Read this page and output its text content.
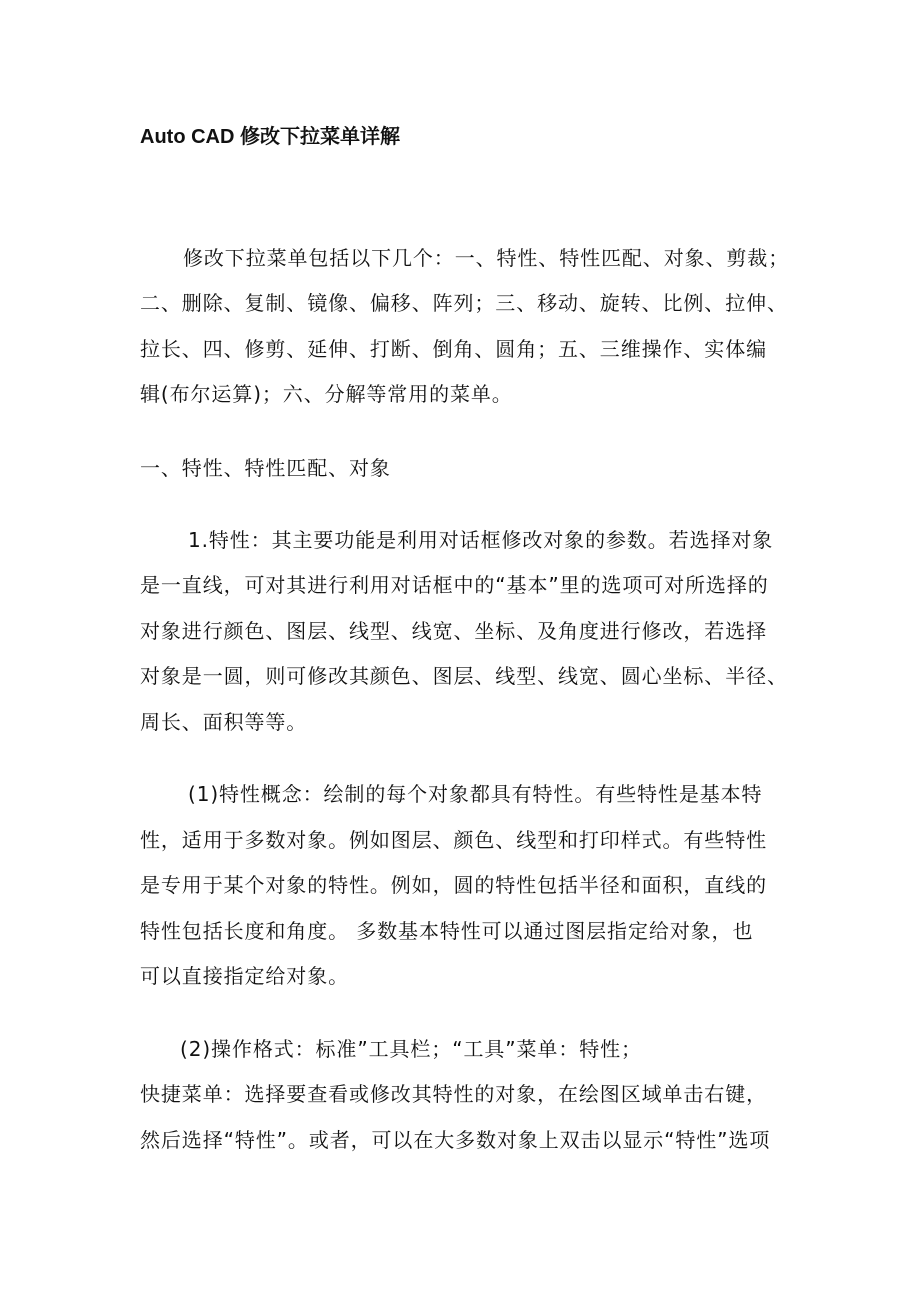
Auto CAD 修改下拉菜单详解
修改下拉菜单包括以下几个：一、特性、特性匹配、对象、剪裁；
二、删除、复制、镜像、偏移、阵列；三、移动、旋转、比例、拉伸、
拉长、四、修剪、延伸、打断、倒角、圆角；五、三维操作、实体编
辑(布尔运算)；六、分解等常用的菜单。
一、特性、特性匹配、对象
1.特性：其主要功能是利用对话框修改对象的参数。若选择对象
是一直线，可对其进行利用对话框中的“基本”里的选项可对所选择的
对象进行颜色、图层、线型、线宽、坐标、及角度进行修改，若选择
对象是一圆，则可修改其颜色、图层、线型、线宽、圆心坐标、半径、
周长、面积等等。
(1)特性概念：绘制的每个对象都具有特性。有些特性是基本特
性，适用于多数对象。例如图层、颜色、线型和打印样式。有些特性
是专用于某个对象的特性。例如，圆的特性包括半径和面积，直线的
特性包括长度和角度。 多数基本特性可以通过图层指定给对象，也
可以直接指定给对象。
(2)操作格式：标准”工具栏；“工具”菜单：特性；
快捷菜单：选择要查看或修改其特性的对象，在绘图区域单击右键，
然后选择“特性”。或者，可以在大多数对象上双击以显示“特性”选项
